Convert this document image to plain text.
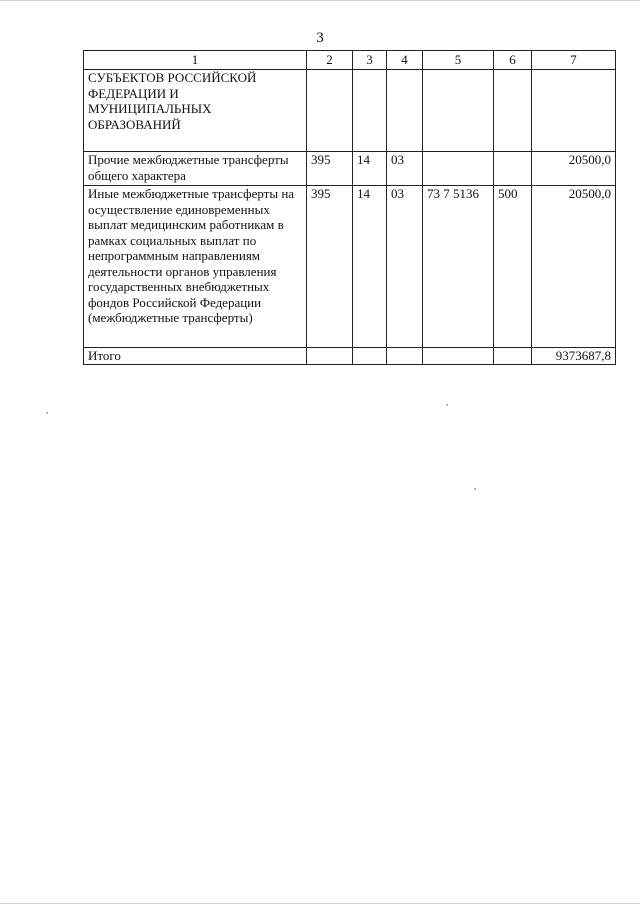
3
1	2	3	4	5	6	7
СУБЪЕКТОВ РОССИЙСКОЙ ФЕДЕРАЦИИ И МУНИЦИПАЛЬНЫХ ОБРАЗОВАНИЙ						
Прочие межбюджетные трансферты общего характера	395	14	03			20500,0
Иные межбюджетные трансферты на осуществление единовременных выплат медицинским работникам в рамках социальных выплат по непрограммным направлениям деятельности органов управления государственных внебюджетных фондов Российской Федерации (межбюджетные трансферты)	395	14	03	73 7 5136	500	20500,0
Итого						9373687,8
